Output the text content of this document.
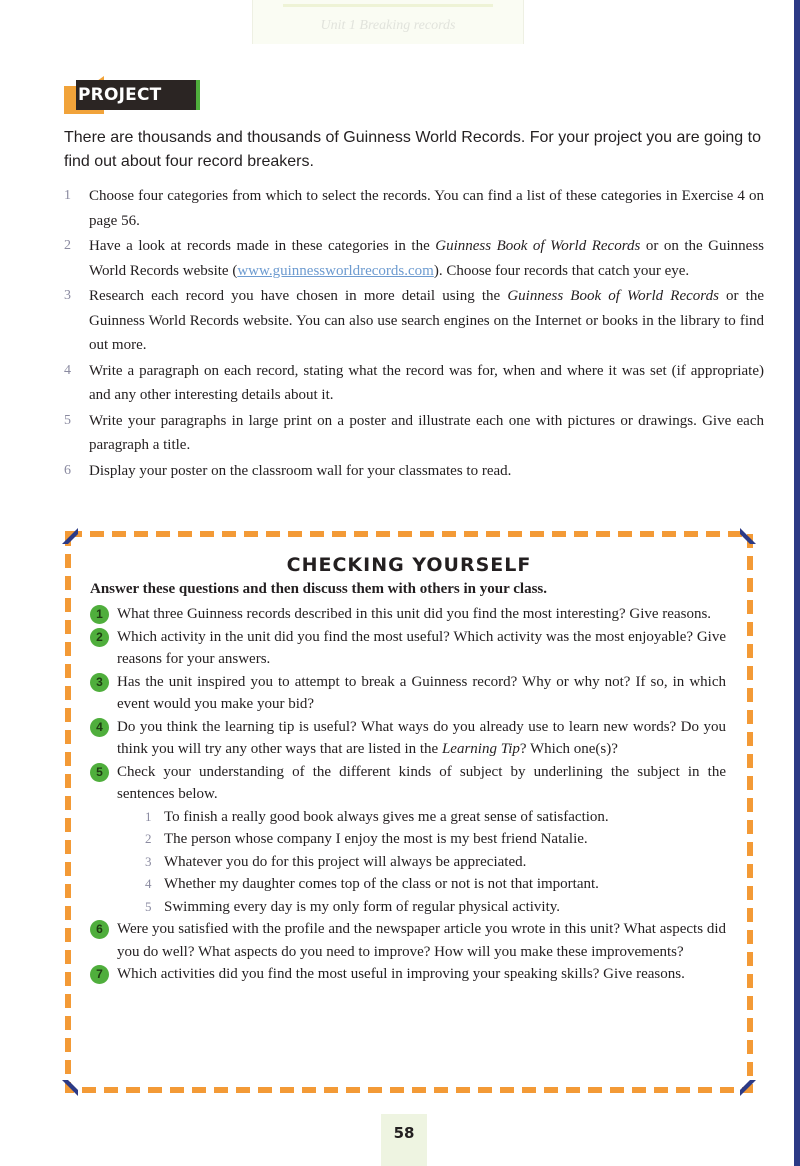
Unit 1 Breaking records
PROJECT

There are thousands and thousands of Guinness World Records. For your project you are going to find out about four record breakers.

1	Choose four categories from which to select the records. You can find a list of these categories in Exercise 4 on page 56.
2	Have a look at records made in these categories in the Guinness Book of World Records or on the Guinness World Records website (www.guinnessworldrecords.com). Choose four records that catch your eye.
3	Research each record you have chosen in more detail using the Guinness Book of World Records or the Guinness World Records website. You can also use search engines on the Internet or books in the library to find out more.
4	Write a paragraph on each record, stating what the record was for, when and where it was set (if appropriate) and any other interesting details about it.
5	Write your paragraphs in large print on a poster and illustrate each one with pictures or drawings. Give each paragraph a title.
6	Display your poster on the classroom wall for your classmates to read.
CHECKING YOURSELF

Answer these questions and then discuss them with others in your class.

1 What three Guinness records described in this unit did you find the most interesting? Give reasons.
2 Which activity in the unit did you find the most useful? Which activity was the most enjoyable? Give reasons for your answers.
3 Has the unit inspired you to attempt to break a Guinness record? Why or why not? If so, in which event would you make your bid?
4 Do you think the learning tip is useful? What ways do you already use to learn new words? Do you think you will try any other ways that are listed in the Learning Tip? Which one(s)?
5 Check your understanding of the different kinds of subject by underlining the subject in the sentences below.
1 To finish a really good book always gives me a great sense of satisfaction.
2 The person whose company I enjoy the most is my best friend Natalie.
3 Whatever you do for this project will always be appreciated.
4 Whether my daughter comes top of the class or not is not that important.
5 Swimming every day is my only form of regular physical activity.
6 Were you satisfied with the profile and the newspaper article you wrote in this unit? What aspects did you do well? What aspects do you need to improve? How will you make these improvements?
7 Which activities did you find the most useful in improving your speaking skills? Give reasons.
58
